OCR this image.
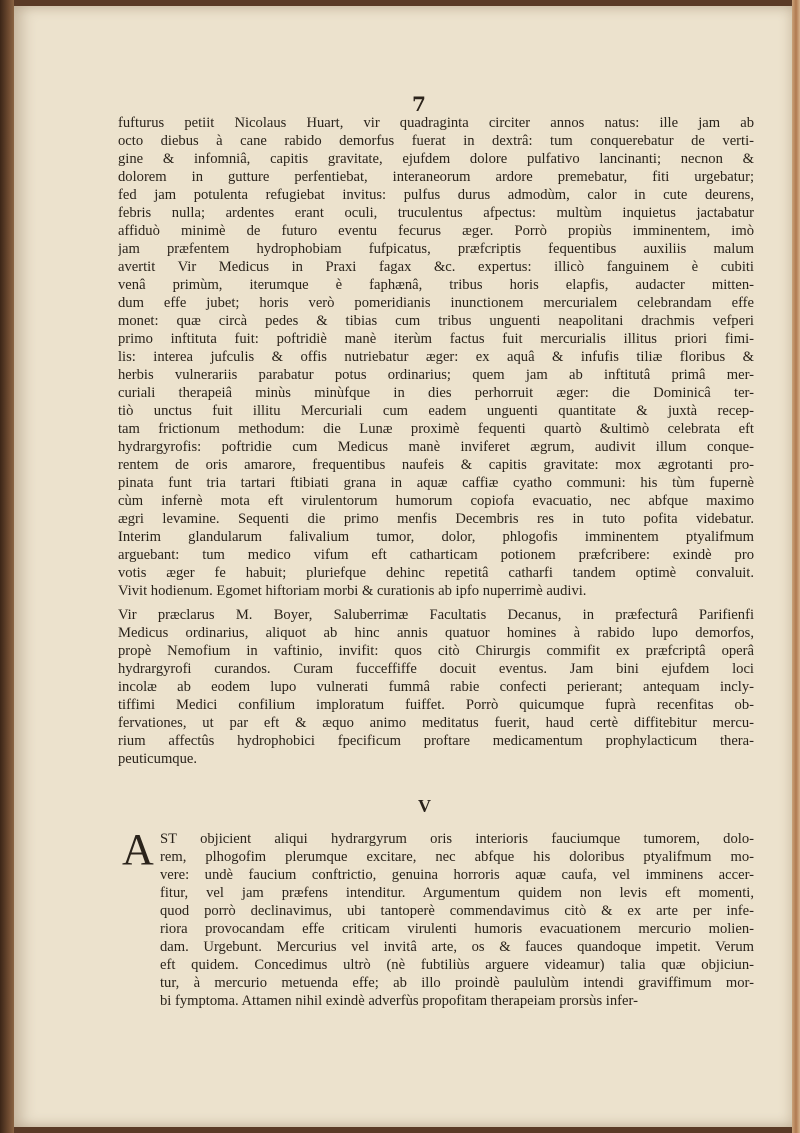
7
fufturus petiit Nicolaus Huart, vir quadraginta circiter annos natus: ille jam ab
octo diebus à cane rabido demorfus fuerat in dextrâ: tum conquerebatur de verti-
gine & infomniâ, capitis gravitate, ejufdem dolore pulfativo lancinanti; necnon &
dolorem in gutture perfentiebat, interaneorum ardore premebatur, fiti urgebatur;
fed jam potulenta refugiebat invitus: pulfus durus admodùm, calor in cute deurens,
febris nulla; ardentes erant oculi, truculentus afpectus: multùm inquietus jactabatur
affiduò minimè de futuro eventu fecurus æger. Porrò propiùs imminentem, imò
jam præfentem hydrophobiam fufpicatus, præfcriptis fequentibus auxiliis malum
avertit Vir Medicus in Praxi fagax &c. expertus: illicò fanguinem è cubiti
venâ primùm, iterumque è faphænâ, tribus horis elapfis, audacter mitten-
dum effe jubet; horis verò pomeridianis inunctionem mercurialem celebrandam effe
monet: quæ circà pedes & tibias cum tribus unguenti neapolitani drachmis vefperi
primo inftituta fuit: poftridiè manè iterùm factus fuit mercurialis illitus priori fimi-
lis: interea jufculis & offis nutriebatur æger: ex aquâ & infufis tiliæ floribus &
herbis vulnerariis parabatur potus ordinarius; quem jam ab inftitutâ primâ mer-
curiali therapeiâ minùs minùfque in dies perhorruit æger: die Dominicâ ter-
tiò unctus fuit illitu Mercuriali cum eadem unguenti quantitate & juxtà recep-
tam frictionum methodum: die Lunæ proximè fequenti quartò &ultimò celebrata eft
hydrargyrofis: poftridie cum Medicus manè inviferet ægrum, audivit illum conque-
rentem de oris amarore, frequentibus naufeis & capitis gravitate: mox ægrotanti pro-
pinata funt tria tartari ftibiati grana in aquæ caffiæ cyatho communi: his tùm fupernè
cùm infernè mota eft virulentorum humorum copiofa evacuatio, nec abfque maximo
ægri levamine. Sequenti die primo menfis Decembris res in tuto pofita videbatur.
Interim glandularum falivalium tumor, dolor, phlogofis imminentem ptyalifmum
arguebant: tum medico vifum eft catharticam potionem præfcribere: exindè pro
votis æger fe habuit; pluriefque dehinc repetitâ catharfi tandem optimè convaluit.
Vivit hodienum. Egomet hiftoriam morbi & curationis ab ipfo nuperrimè audivi.
Vir præclarus M. Boyer, Saluberrimæ Facultatis Decanus, in præfecturâ Parifienfi
Medicus ordinarius, aliquot ab hinc annis quatuor homines à rabido lupo demorfos,
propè Nemofium in vaftinio, invifit: quos citò Chirurgis commifit ex præfcriptâ operâ
hydrargyrofi curandos. Curam fucceffiffe docuit eventus. Jam bini ejufdem loci
incolæ ab eodem lupo vulnerati fummâ rabie confecti perierant; antequam incly-
tiffimi Medici confilium imploratum fuiffet. Porrò quicumque fuprà recenfitas ob-
fervationes, ut par eft & æquo animo meditatus fuerit, haud certè diffitebitur mercu-
rium affectûs hydrophobici fpecificum proftare medicamentum prophylacticum thera-
peuticumque.
V
A ST objicient aliqui hydrargyrum oris interioris fauciumque tumorem, dolo-
rem, plhogofim plerumque excitare, nec abfque his doloribus ptyalifmum mo-
vere: undè faucium conftrictio, genuina horroris aquæ caufa, vel imminens accer-
fitur, vel jam præfens intenditur. Argumentum quidem non levis eft momenti,
quod porrò declinavimus, ubi tantoperè commendavimus citò & ex arte per infe-
riora provocandam effe criticam virulenti humoris evacuationem mercurio molien-
dam. Urgebunt. Mercurius vel invitâ arte, os & fauces quandoque impetit. Verum
eft quidem. Concedimus ultrò (nè fubtiliùs arguere videamur) talia quæ objiciun-
tur, à mercurio metuenda effe; ab illo proindè paululùm intendi graviffimum mor-
bi fymptoma. Attamen nihil exindè adverfùs propofitam therapeiam prorsùs infer-
